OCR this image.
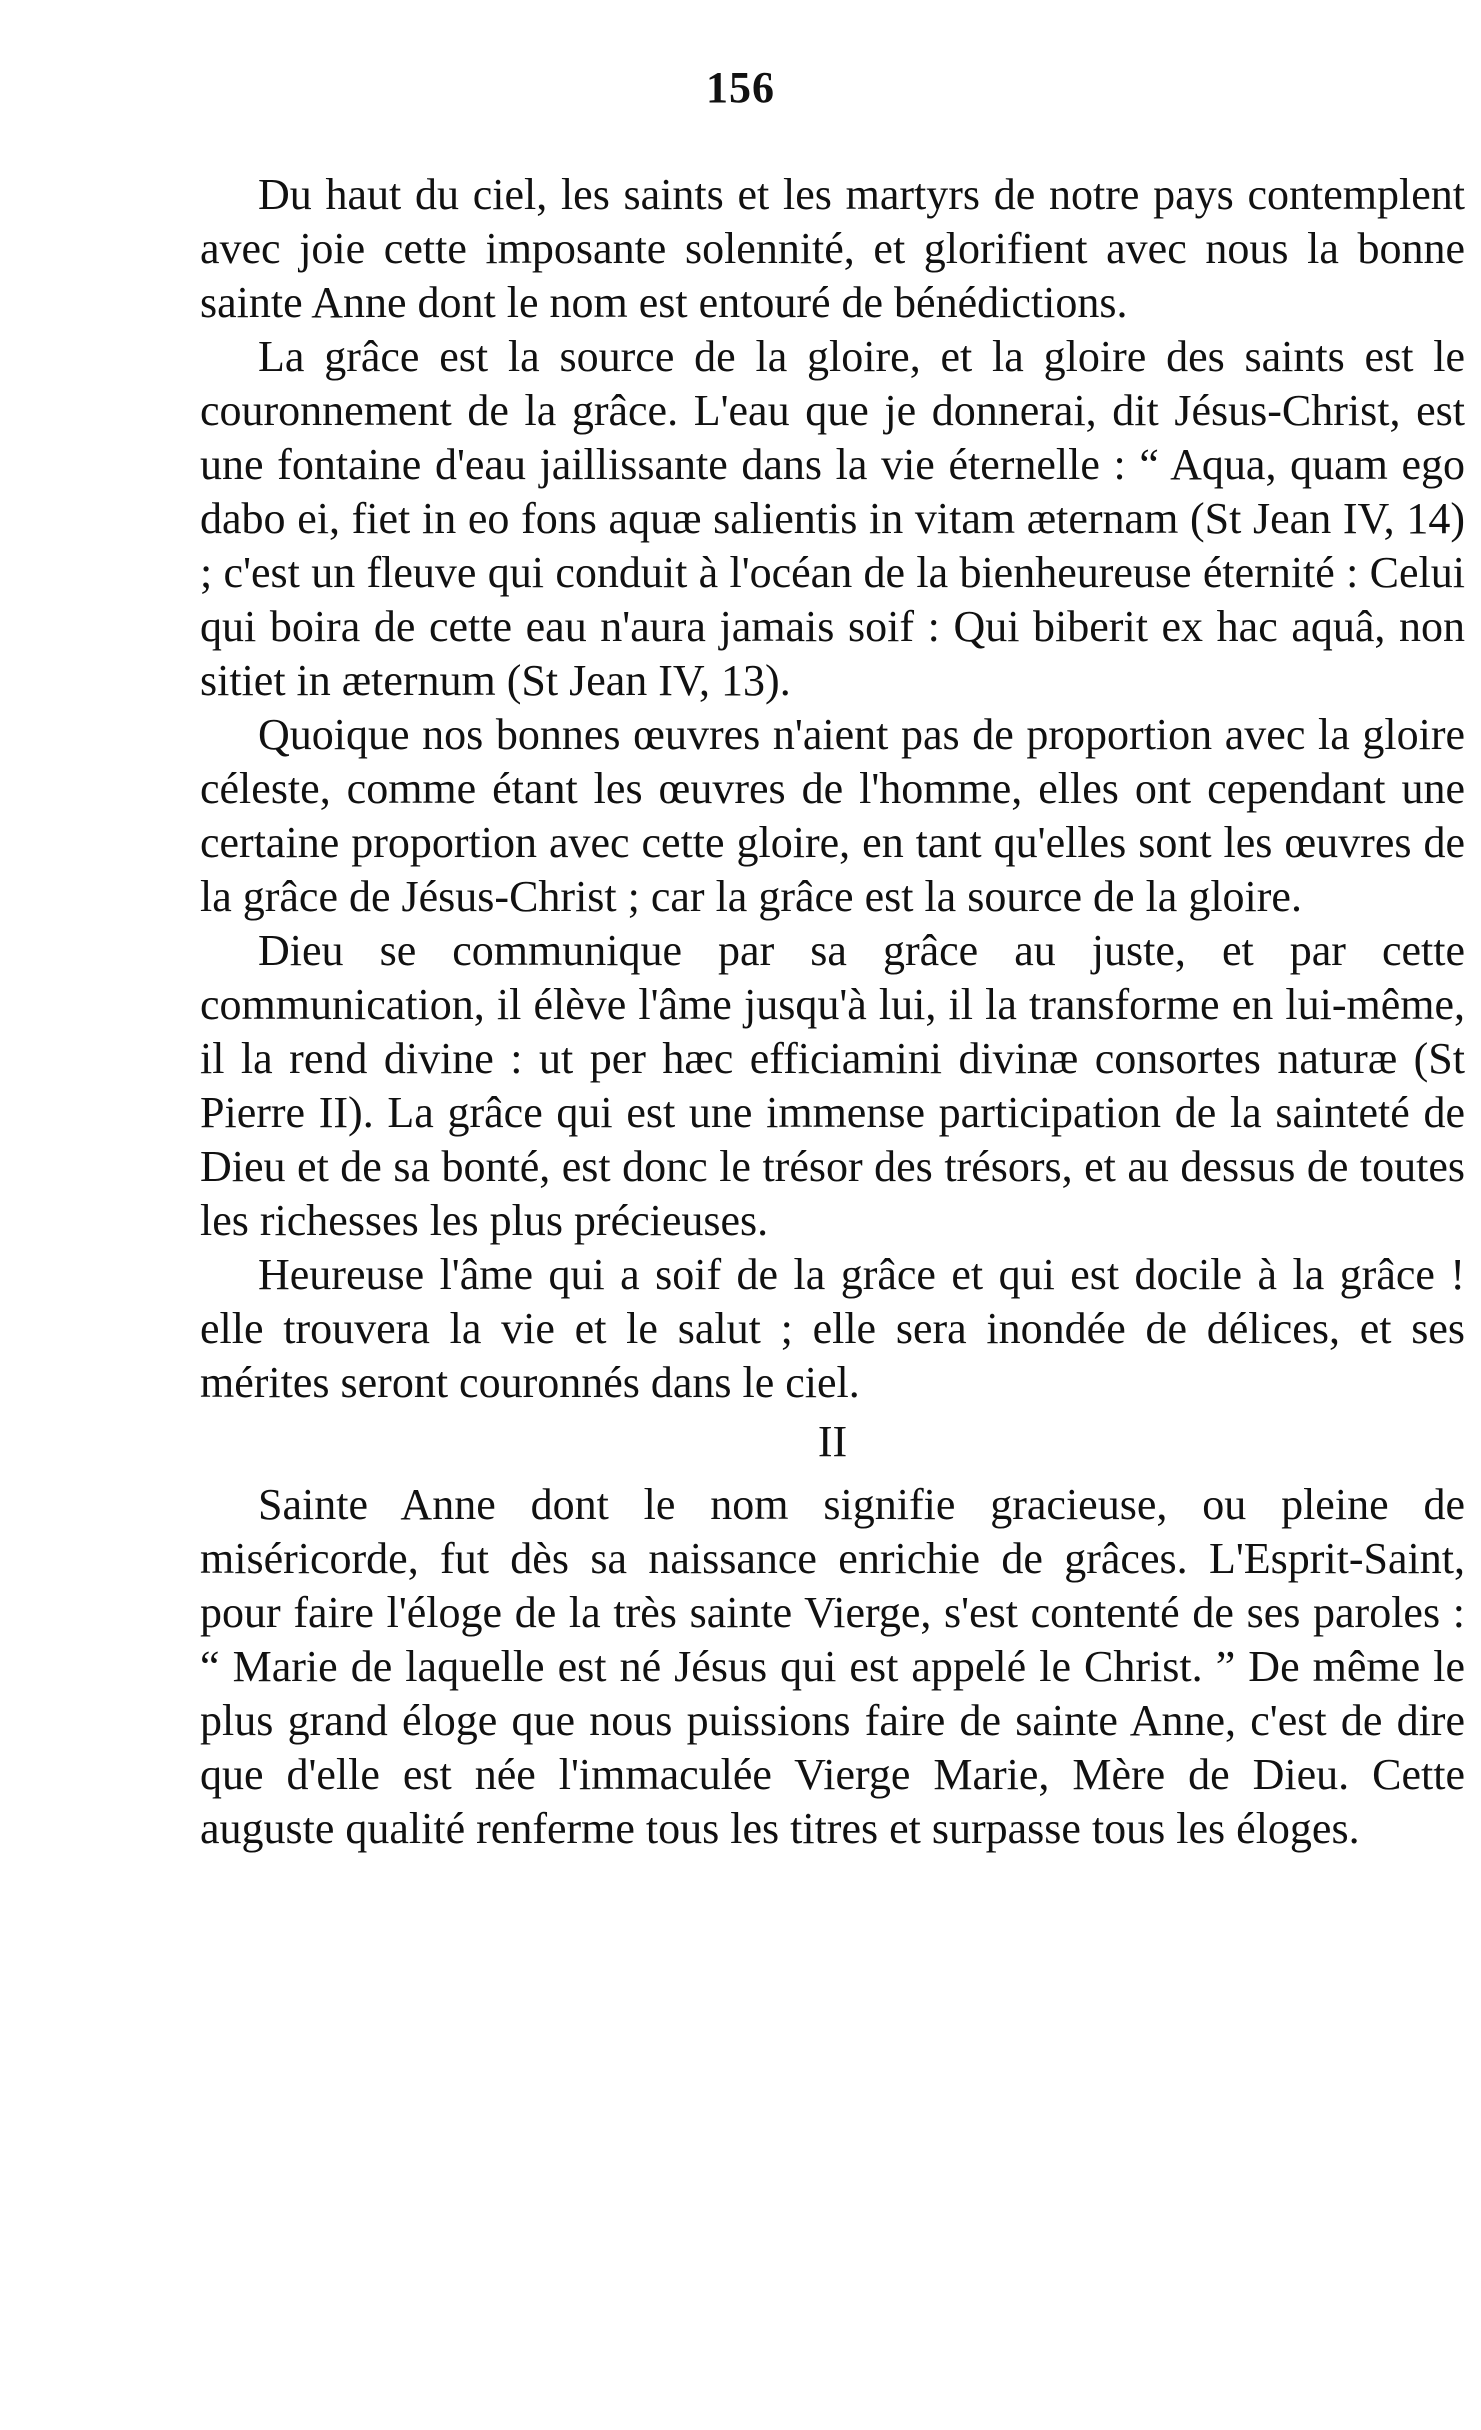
156

Du haut du ciel, les saints et les martyrs de notre pays contemplent avec joie cette imposante solennité, et glorifient avec nous la bonne sainte Anne dont le nom est entouré de bénédictions.

La grâce est la source de la gloire, et la gloire des saints est le couronnement de la grâce. L'eau que je donnerai, dit Jésus-Christ, est une fontaine d'eau jaillissante dans la vie éternelle : “ Aqua, quam ego dabo ei, fiet in eo fons aquæ salientis in vitam æternam (St Jean IV, 14) ; c'est un fleuve qui conduit à l'océan de la bienheureuse éternité : Celui qui boira de cette eau n'aura jamais soif : Qui biberit ex hac aquâ, non sitiet in æternum (St Jean IV, 13).

Quoique nos bonnes œuvres n'aient pas de proportion avec la gloire céleste, comme étant les œuvres de l'homme, elles ont cependant une certaine proportion avec cette gloire, en tant qu'elles sont les œuvres de la grâce de Jésus-Christ ; car la grâce est la source de la gloire.

Dieu se communique par sa grâce au juste, et par cette communication, il élève l'âme jusqu'à lui, il la transforme en lui-même, il la rend divine : ut per hæc efficiamini divinæ consortes naturæ (St Pierre II). La grâce qui est une immense participation de la sainteté de Dieu et de sa bonté, est donc le trésor des trésors, et au dessus de toutes les richesses les plus précieuses.

Heureuse l'âme qui a soif de la grâce et qui est docile à la grâce ! elle trouvera la vie et le salut ; elle sera inondée de délices, et ses mérites seront couronnés dans le ciel.

II

Sainte Anne dont le nom signifie gracieuse, ou pleine de miséricorde, fut dès sa naissance enrichie de grâces. L'Esprit-Saint, pour faire l'éloge de la très sainte Vierge, s'est contenté de ses paroles : “ Marie de laquelle est né Jésus qui est appelé le Christ. ” De même le plus grand éloge que nous puissions faire de sainte Anne, c'est de dire que d'elle est née l'immaculée Vierge Marie, Mère de Dieu. Cette auguste qualité renferme tous les titres et surpasse tous les éloges.
